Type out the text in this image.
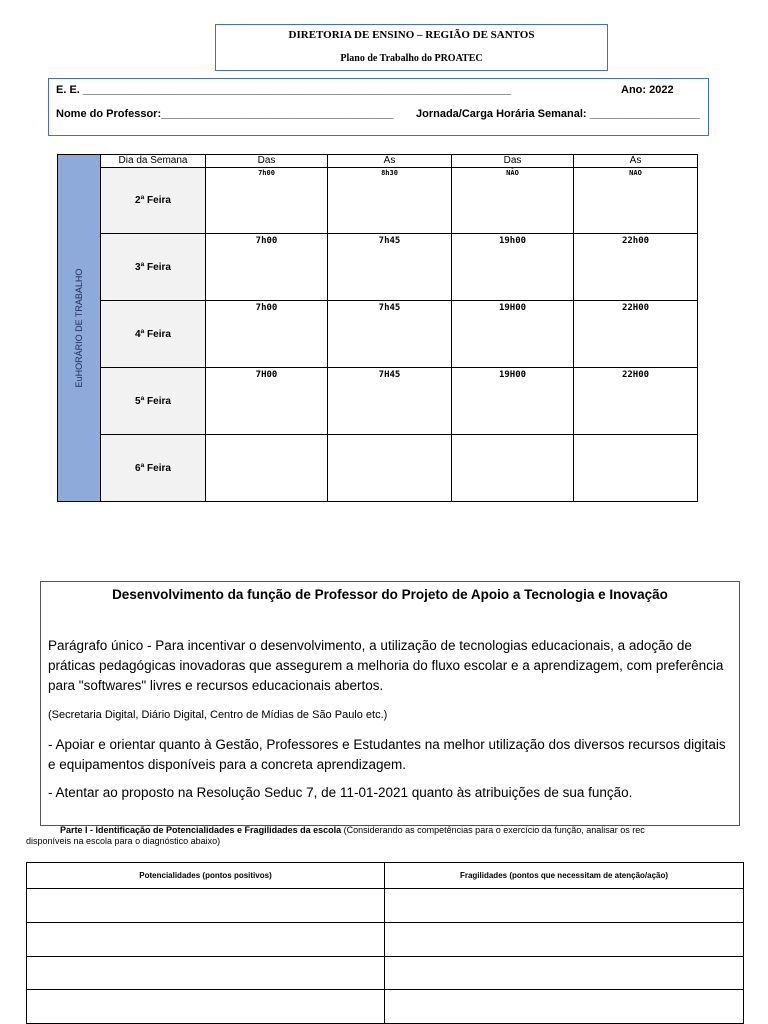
DIRETORIA DE ENSINO – REGIÃO DE SANTOS
Plano de Trabalho do PROATEC
E. E. ______________________________________________________________________	Ano: 2022
Nome do Professor:______________________________________ Jornada/Carga Horária Semanal: __________________
EuHORÁRIO DE TRABALHO	Dia da Semana	Das	Às	Das	Às
	2ª Feira	7h00	8h30	NÃO	NAO
	3ª Feira	7h00	7h45	19h00	22h00
	4ª Feira	7h00	7h45	19H00	22H00
	5ª Feira	7H00	7H45	19H00	22H00
	6ª Feira				
Desenvolvimento da função de Professor do Projeto de Apoio a Tecnologia e Inovação

Parágrafo único - Para incentivar o desenvolvimento, a utilização de tecnologias educacionais, a adoção de práticas pedagógicas inovadoras que assegurem a melhoria do fluxo escolar e a aprendizagem, com preferência para "softwares" livres e recursos educacionais abertos.

(Secretaria Digital, Diário Digital, Centro de Mídias de São Paulo etc.)

- Apoiar e orientar quanto à Gestão, Professores e Estudantes na melhor utilização dos diversos recursos digitais e equipamentos disponíveis para a concreta aprendizagem.

- Atentar ao proposto na Resolução Seduc 7, de 11-01-2021 quanto às atribuições de sua função.

Parte I - Identificação de Potencialidades e Fragilidades da escola (Considerando as competências para o exercício da função, analisar os rec
disponíveis na escola para o diagnóstico abaixo)
Potencialidades (pontos positivos)	Fragilidades (pontos que necessitam de atenção/ação)
